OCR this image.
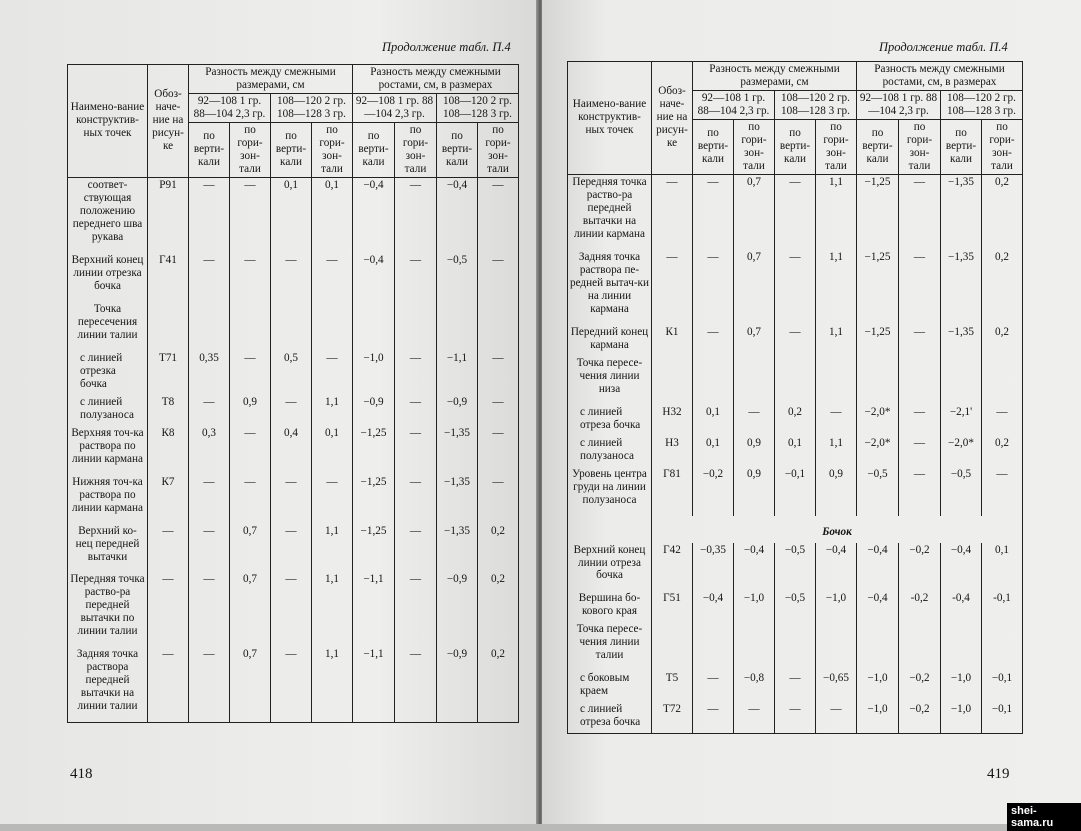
Продолжение табл. П.4
Наимено-вание конструктив-ных точек	Обоз-наче-ние на рисун-ке	Разность между смежными размерами, см				Разность между смежными ростами, см, в размерах			
		92—108 1 гр. 88—104 2,3 гр.		108—120 2 гр. 108—128 3 гр.		92—108 1 гр. 88—104 2,3 гр.		108—120 2 гр. 108—128 3 гр.	
		по верти-кали	по гори-зон-тали	по верти-кали	по гори-зон-тали	по верти-кали	по гори-зон-тали	по верти-кали	по гори-зон-тали
соответ-ствующая положению переднего шва рукава	Р91	—	—	0,1	0,1	−0,4	—	−0,4	—
Верхний конец линии отрезка бочка	Г41	—	—	—	—	−0,4	—	−0,5	—
Точка пересечения линии талии									
с линией отрезка бочка	Т71	0,35	—	0,5	—	−1,0	—	−1,1	—
с линией полузаноса	Т8	—	0,9	—	1,1	−0,9	—	−0,9	—
Верхняя точ-ка раствора по линии кармана	К8	0,3	—	0,4	0,1	−1,25	—	−1,35	—
Нижняя точ-ка раствора по линии кармана	К7	—	—	—	—	−1,25	—	−1,35	—
Верхний ко-нец передней вытачки	—	—	0,7	—	1,1	−1,25	—	−1,35	0,2
Передняя точка раство-ра передней вытачки по линии талии	—	—	0,7	—	1,1	−1,1	—	−0,9	0,2
Задняя точка раствора передней вытачки на линии талии	—	—	0,7	—	1,1	−1,1	—	−0,9	0,2
418
Продолжение табл. П.4
Наимено-вание конструктив-ных точек	Обоз-наче-ние на рисун-ке	Разность между смежными размерами, см				Разность между смежными ростами, см, в размерах			
		92—108 1 гр. 88—104 2,3 гр.		108—120 2 гр. 108—128 3 гр.		92—108 1 гр. 88—104 2,3 гр.		108—120 2 гр. 108—128 3 гр.	
		по верти-кали	по гори-зон-тали	по верти-кали	по гори-зон-тали	по верти-кали	по гори-зон-тали	по верти-кали	по гори-зон-тали
Передняя точка раство-ра передней вытачки на линии кармана	—	—	0,7	—	1,1	−1,25	—	−1,35	0,2
Задняя точка раствора пе-редней вытач-ки на линии кармана	—	—	0,7	—	1,1	−1,25	—	−1,35	0,2
Передний конец кармана	К1	—	0,7	—	1,1	−1,25	—	−1,35	0,2
Точка пересе-чения линии низа									
с линией отреза бочка	Н32	0,1	—	0,2	—	−2,0*	—	−2,1'	—
с линией полузаноса	Н3	0,1	0,9	0,1	1,1	−2,0*	—	−2,0*	0,2
Уровень центра груди на линии полузаноса	Г81	−0,2	0,9	−0,1	0,9	−0,5	—	−0,5	—
	Бочок								
Верхний конец линии отреза бочка	Г42	−0,35	−0,4	−0,5	−0,4	−0,4	−0,2	−0,4	0,1
Вершина бо-кового края	Г51	−0,4	−1,0	−0,5	−1,0	−0,4	-0,2	-0,4	-0,1
Точка пересе-чения линии талии									
с боковым краем	Т5	—	−0,8	—	−0,65	−1,0	−0,2	−1,0	−0,1
с линией отреза бочка	Т72	—	—	—	—	−1,0	−0,2	−1,0	−0,1
419
shei-sama.ru
